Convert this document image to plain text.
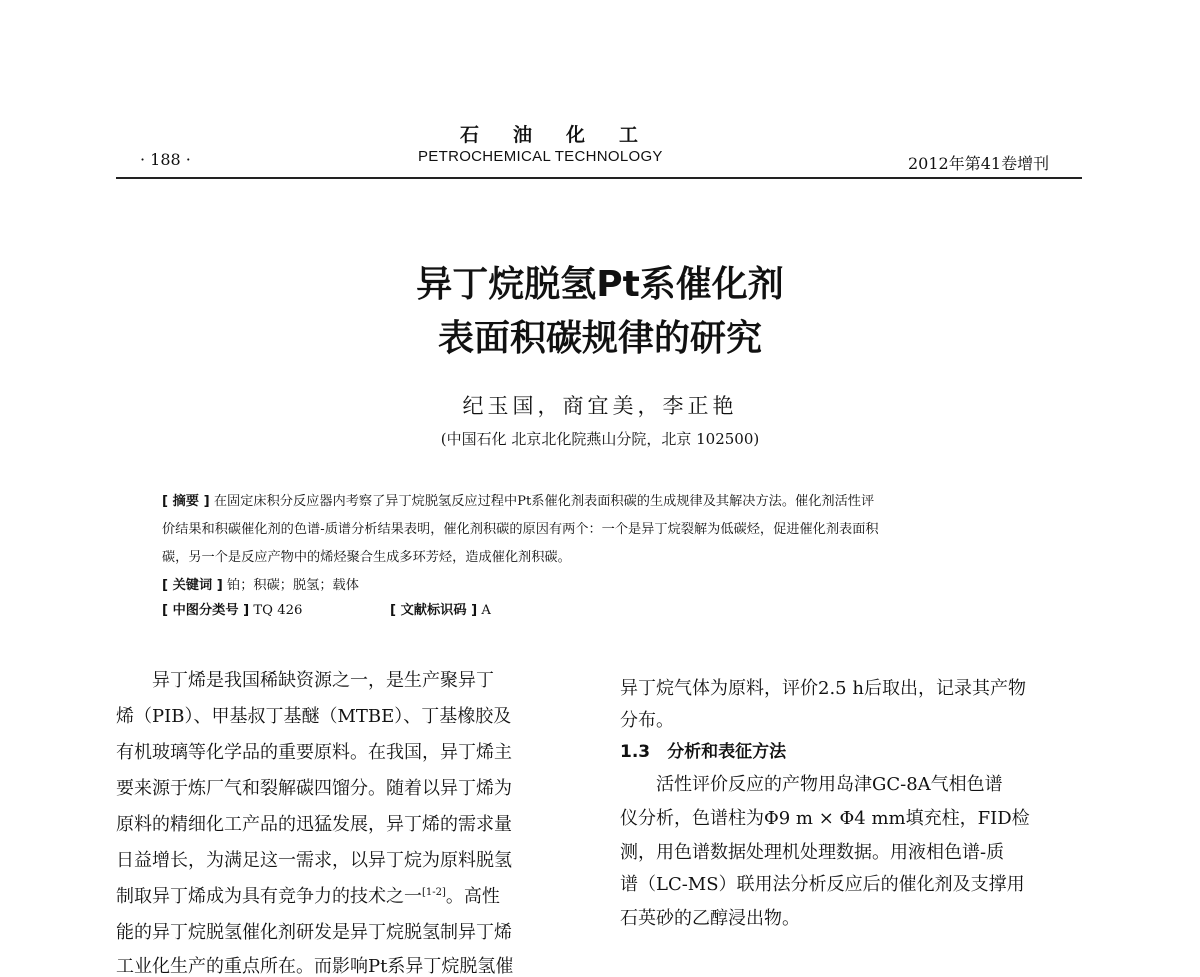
石油化工
· 188 ·	PETROCHEMICAL TECHNOLOGY	2012年第41卷增刊
异丁烷脱氢Pt系催化剂
表面积碳规律的研究
纪玉国，商宜美，李正艳
(中国石化 北京北化院燕山分院，北京 102500)
[ 摘要 ] 在固定床积分反应器内考察了异丁烷脱氢反应过程中Pt系催化剂表面积碳的生成规律及其解决方法。催化剂活性评
价结果和积碳催化剂的色谱-质谱分析结果表明，催化剂积碳的原因有两个：一个是异丁烷裂解为低碳烃，促进催化剂表面积
碳，另一个是反应产物中的烯烃聚合生成多环芳烃，造成催化剂积碳。
[ 关键词 ] 铂；积碳；脱氢；载体
[ 中图分类号 ] TQ 426	[ 文献标识码 ] A
　　异丁烯是我国稀缺资源之一，是生产聚异丁
烯（PIB）、甲基叔丁基醚（MTBE）、丁基橡胶及
有机玻璃等化学品的重要原料。在我国，异丁烯主
要来源于炼厂气和裂解碳四馏分。随着以异丁烯为
原料的精细化工产品的迅猛发展，异丁烯的需求量
日益增长，为满足这一需求，以异丁烷为原料脱氢
制取异丁烯成为具有竞争力的技术之一[1-2]。高性
能的异丁烷脱氢催化剂研发是异丁烷脱氢制异丁烯
工业化生产的重点所在。而影响Pt系异丁烷脱氢催
异丁烷气体为原料，评价2.5 h后取出，记录其产物
分布。
1.3　分析和表征方法
　　活性评价反应的产物用岛津GC-8A气相色谱
仪分析，色谱柱为Φ9 m × Φ4 mm填充柱，FID检
测，用色谱数据处理机处理数据。用液相色谱-质
谱（LC-MS）联用法分析反应后的催化剂及支撑用
石英砂的乙醇浸出物。
